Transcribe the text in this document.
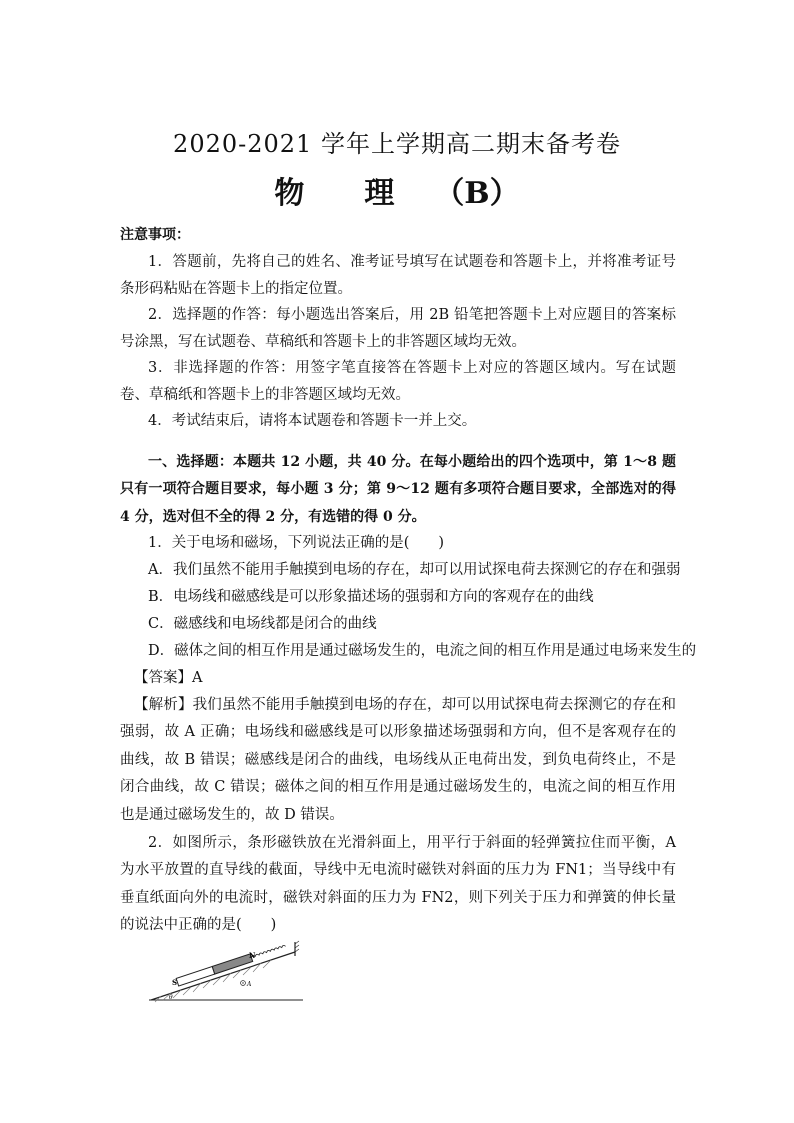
2020-2021 学年上学期高二期末备考卷
物 理 （B）
注意事项：
1．答题前，先将自己的姓名、准考证号填写在试题卷和答题卡上，并将准考证号条形码粘贴在答题卡上的指定位置。
2．选择题的作答：每小题选出答案后，用 2B 铅笔把答题卡上对应题目的答案标号涂黑，写在试题卷、草稿纸和答题卡上的非答题区域均无效。
3．非选择题的作答：用签字笔直接答在答题卡上对应的答题区域内。写在试题卷、草稿纸和答题卡上的非答题区域均无效。
4．考试结束后，请将本试题卷和答题卡一并上交。
一、选择题：本题共 12 小题，共 40 分。在每小题给出的四个选项中，第 1～8 题只有一项符合题目要求，每小题 3 分；第 9～12 题有多项符合题目要求，全部选对的得 4 分，选对但不全的得 2 分，有选错的得 0 分。
1．关于电场和磁场，下列说法正确的是(　　)
A．我们虽然不能用手触摸到电场的存在，却可以用试探电荷去探测它的存在和强弱
B．电场线和磁感线是可以形象描述场的强弱和方向的客观存在的曲线
C．磁感线和电场线都是闭合的曲线
D．磁体之间的相互作用是通过磁场发生的，电流之间的相互作用是通过电场来发生的
【答案】A
【解析】我们虽然不能用手触摸到电场的存在，却可以用试探电荷去探测它的存在和强弱，故 A 正确；电场线和磁感线是可以形象描述场强弱和方向，但不是客观存在的曲线，故 B 错误；磁感线是闭合的曲线，电场线从正电荷出发，到负电荷终止，不是闭合曲线，故 C 错误；磁体之间的相互作用是通过磁场发生的，电流之间的相互作用也是通过磁场发生的，故 D 错误。
2．如图所示，条形磁铁放在光滑斜面上，用平行于斜面的轻弹簧拉住而平衡，A 为水平放置的直导线的截面，导线中无电流时磁铁对斜面的压力为 FN1；当导线中有垂直纸面向外的电流时，磁铁对斜面的压力为 FN2，则下列关于压力和弹簧的伸长量的说法中正确的是(　　)
S
N
A
θ
